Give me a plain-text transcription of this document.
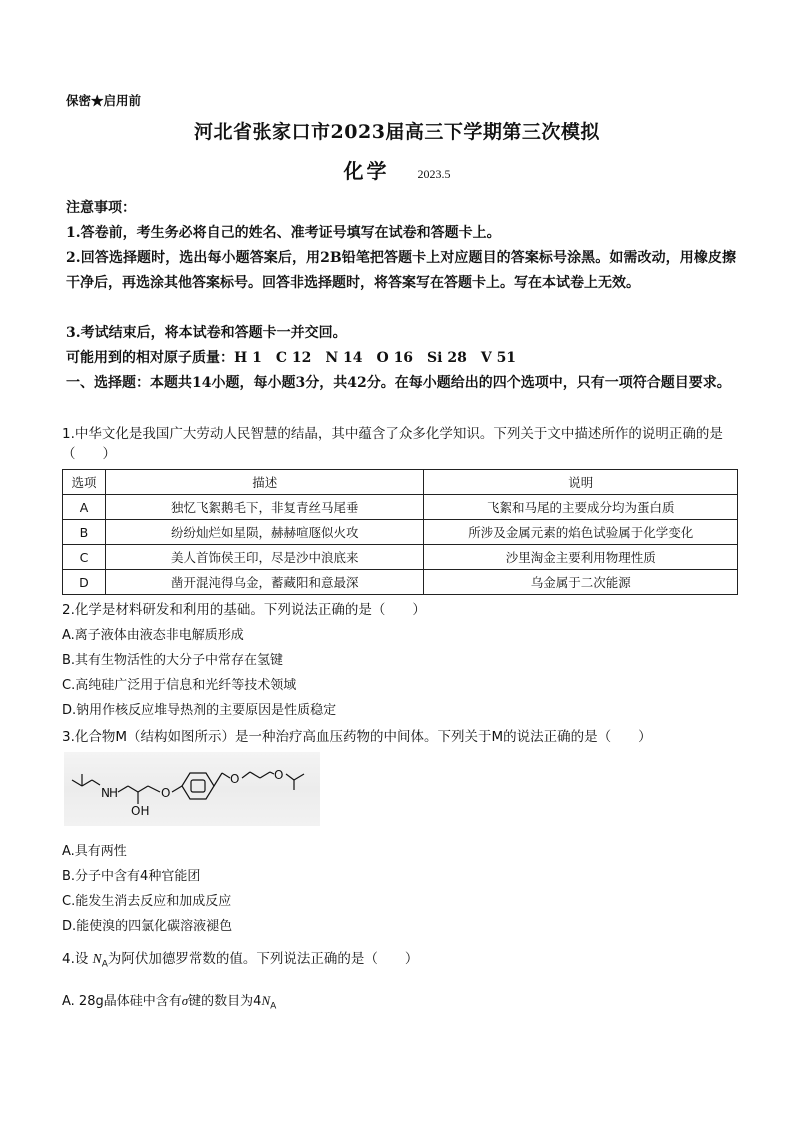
保密★启用前
河北省张家口市2023届高三下学期第三次模拟
化学 2023.5
注意事项：
1.答卷前，考生务必将自己的姓名、准考证号填写在试卷和答题卡上。
2.回答选择题时，选出每小题答案后，用2B铅笔把答题卡上对应题目的答案标号涂黑。如需改动，用橡皮擦干净后，再选涂其他答案标号。回答非选择题时，将答案写在答题卡上。写在本试卷上无效。
3.考试结束后，将本试卷和答题卡一并交回。
可能用到的相对原子质量：H 1　C 12　N 14　O 16　Si 28　V 51
一、选择题：本题共14小题，每小题3分，共42分。在每小题给出的四个选项中，只有一项符合题目要求。
1.中华文化是我国广大劳动人民智慧的结晶，其中蕴含了众多化学知识。下列关于文中描述所作的说明正确的是（　　）
选项	描述	说明
A	独忆飞絮鹅毛下，非复青丝马尾垂	飞絮和马尾的主要成分均为蛋白质
B	纷纷灿烂如星陨，赫赫喧豗似火攻	所涉及金属元素的焰色试验属于化学变化
C	美人首饰侯王印，尽是沙中浪底来	沙里淘金主要利用物理性质
D	凿开混沌得乌金，蓄藏阳和意最深	乌金属于二次能源
2.化学是材料研发和利用的基础。下列说法正确的是（　　）
A.离子液体由液态非电解质形成
B.其有生物活性的大分子中常存在氢键
C.高纯硅广泛用于信息和光纤等技术领域
D.钠用作核反应堆导热剂的主要原因是性质稳定
3.化合物M（结构如图所示）是一种治疗高血压药物的中间体。下列关于M的说法正确的是（　　）
N H
OH
O
O	O
A.具有两性
B.分子中含有4种官能团
C.能发生消去反应和加成反应
D.能使溴的四氯化碳溶液褪色
4.设 $N_A$为阿伏加德罗常数的值。下列说法正确的是（　　）
A. 28g晶体硅中含有σ键的数目为$4N_A$
